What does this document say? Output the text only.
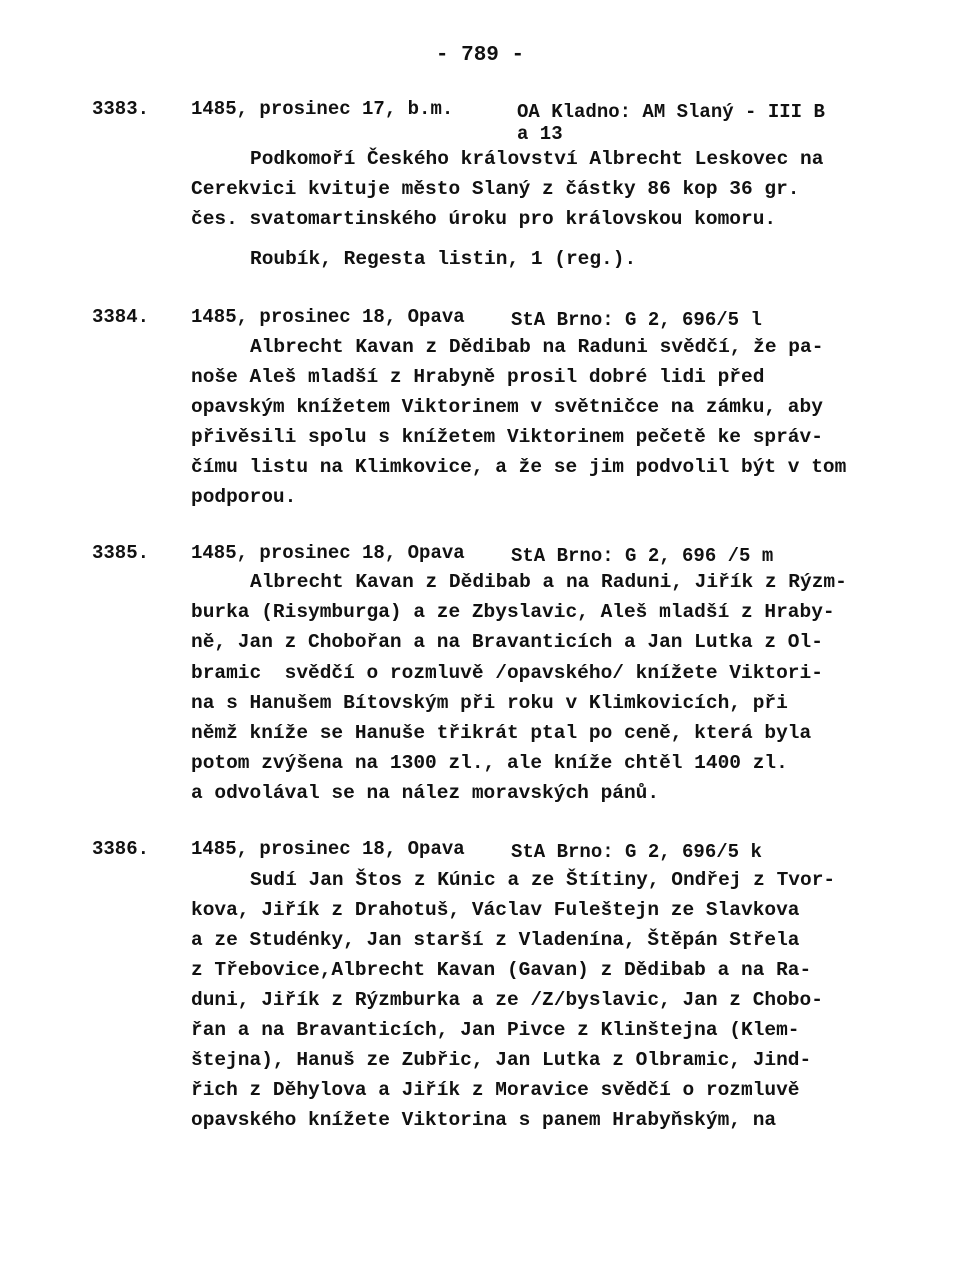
- 789 -
3383. 1485, prosinec 17, b.m.	OA Kladno: AM Slaný - III B
a 13
Podkomoří Českého království Albrecht Leskovec na
Cerekvici kvituje město Slaný z částky 86 kop 36 gr.
čes. svatomartinského úroku pro královskou komoru.
Roubík, Regesta listin, 1 (reg.).
3384. 1485, prosinec 18, Opava StA Brno: G 2, 696/5 l
Albrecht Kavan z Dědibab na Raduni svědčí, že pa-
noše Aleš mladší z Hrabyně prosil dobré lidi před
opavským knížetem Viktorinem v světničce na zámku, aby
přivěsili spolu s knížetem Viktorinem pečetě ke správ-
čímu listu na Klimkovice, a že se jim podvolil být v tom
podporou.
3385. 1485, prosinec 18, Opava StA Brno: G 2, 696 /5 m
Albrecht Kavan z Dědibab a na Raduni, Jiřík z Rýzm-
burka (Risymburga) a ze Zbyslavic, Aleš mladší z Hraby-
ně, Jan z Chobořan a na Bravanticích a Jan Lutka z Ol-
bramic  svědčí o rozmluvě /opavského/ knížete Viktori-
na s Hanušem Bítovským při roku v Klimkovicích, při
němž kníže se Hanuše třikrát ptal po ceně, která byla
potom zvýšena na 1300 zl., ale kníže chtěl 1400 zl.
a odvolával se na nález moravských pánů.
3386. 1485, prosinec 18, Opava StA Brno: G 2, 696/5 k
Sudí Jan Štos z Kúnic a ze Štítiny, Ondřej z Tvor-
kova, Jiřík z Drahotuš, Václav Fuleštejn ze Slavkova
a ze Studénky, Jan starší z Vladenína, Štěpán Střela
z Třebovice,Albrecht Kavan (Gavan) z Dědibab a na Ra-
duni, Jiřík z Rýzmburka a ze /Z/byslavic, Jan z Chobo-
řan a na Bravanticích, Jan Pivce z Klinštejna (Klem-
štejna), Hanuš ze Zubřic, Jan Lutka z Olbramic, Jind-
řich z Děhylova a Jiřík z Moravice svědčí o rozmluvě
opavského knížete Viktorina s panem Hrabyňským, na
